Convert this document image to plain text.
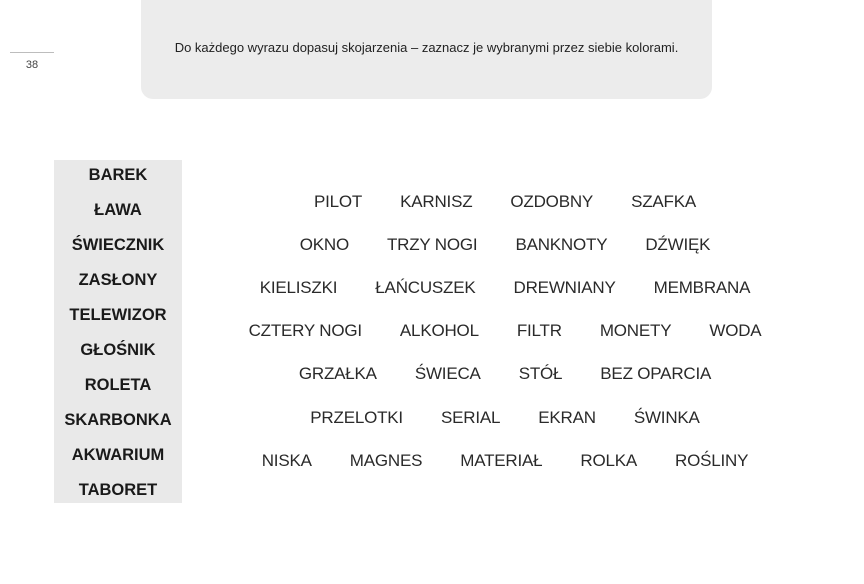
38
Do każdego wyrazu dopasuj skojarzenia – zaznacz je wybranymi przez siebie kolorami.
BAREK
ŁAWA
ŚWIECZNIK
ZASŁONY
TELEWIZOR
GŁOŚNIK
ROLETA
SKARBONKA
AKWARIUM
TABORET
PILOT KARNISZ OZDOBNY SZAFKA
OKNO TRZY NOGI BANKNOTY DŹWIĘK
KIELISZKI ŁAŃCUSZEK DREWNIANY MEMBRANA
CZTERY NOGI ALKOHOL FILTR MONETY WODA
GRZAŁKA ŚWIECA STÓŁ BEZ OPARCIA
PRZELOTKI SERIAL EKRAN ŚWINKA
NISKA MAGNES MATERIAŁ ROLKA ROŚLINY
